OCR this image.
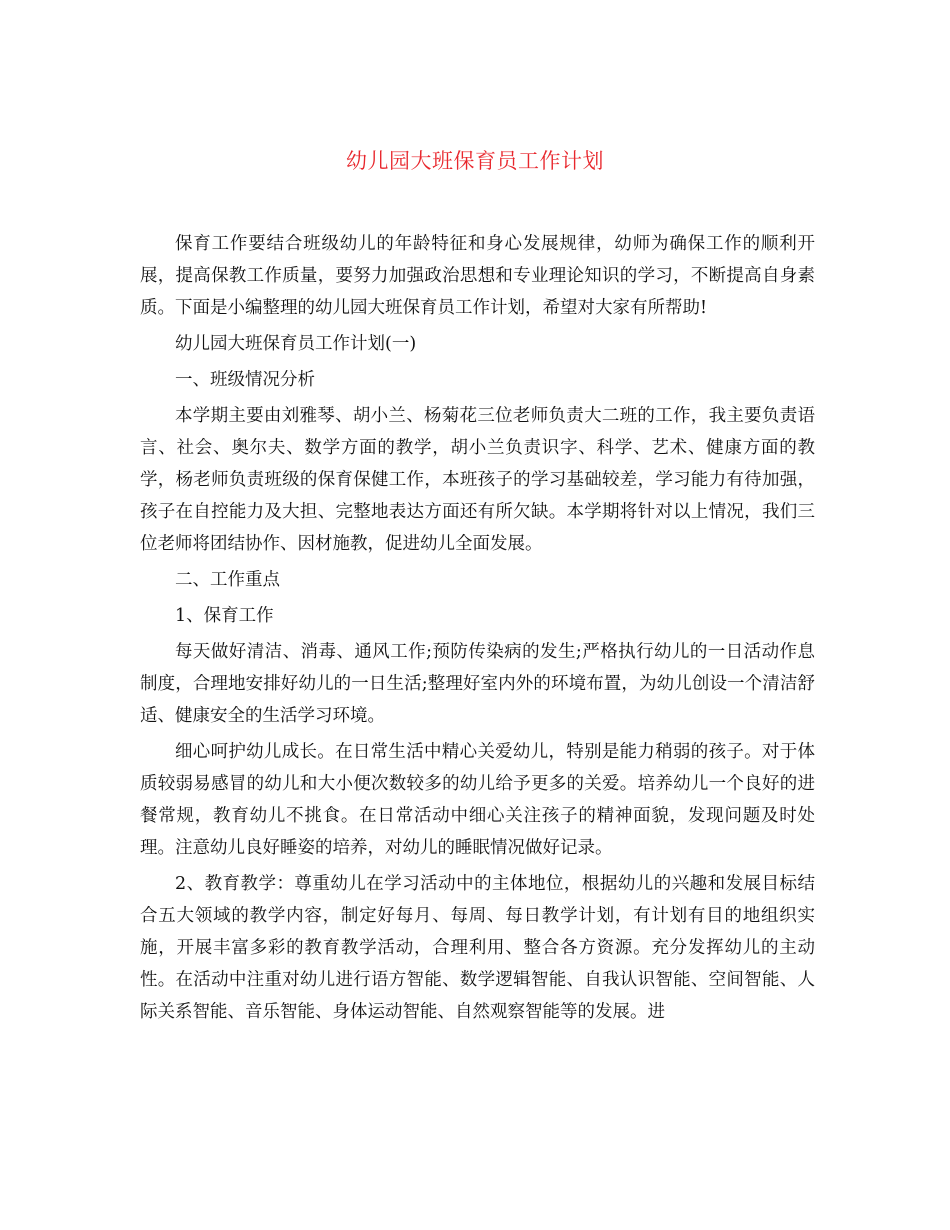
幼儿园大班保育员工作计划

保育工作要结合班级幼儿的年龄特征和身心发展规律，幼师为确保工作的顺利开展，提高保教工作质量，要努力加强政治思想和专业理论知识的学习，不断提高自身素质。下面是小编整理的幼儿园大班保育员工作计划，希望对大家有所帮助!

幼儿园大班保育员工作计划(一)

一、班级情况分析

本学期主要由刘雅琴、胡小兰、杨菊花三位老师负责大二班的工作，我主要负责语言、社会、奥尔夫、数学方面的教学，胡小兰负责识字、科学、艺术、健康方面的教学，杨老师负责班级的保育保健工作，本班孩子的学习基础较差，学习能力有待加强，孩子在自控能力及大担、完整地表达方面还有所欠缺。本学期将针对以上情况，我们三位老师将团结协作、因材施教，促进幼儿全面发展。

二、工作重点

1、保育工作

每天做好清洁、消毒、通风工作;预防传染病的发生;严格执行幼儿的一日活动作息制度，合理地安排好幼儿的一日生活;整理好室内外的环境布置，为幼儿创设一个清洁舒适、健康安全的生活学习环境。

细心呵护幼儿成长。在日常生活中精心关爱幼儿，特别是能力稍弱的孩子。对于体质较弱易感冒的幼儿和大小便次数较多的幼儿给予更多的关爱。培养幼儿一个良好的进餐常规，教育幼儿不挑食。在日常活动中细心关注孩子的精神面貌，发现问题及时处理。注意幼儿良好睡姿的培养，对幼儿的睡眠情况做好记录。

2、教育教学：尊重幼儿在学习活动中的主体地位，根据幼儿的兴趣和发展目标结合五大领域的教学内容，制定好每月、每周、每日教学计划，有计划有目的地组织实施，开展丰富多彩的教育教学活动，合理利用、整合各方资源。充分发挥幼儿的主动性。在活动中注重对幼儿进行语方智能、数学逻辑智能、自我认识智能、空间智能、人际关系智能、音乐智能、身体运动智能、自然观察智能等的发展。进
